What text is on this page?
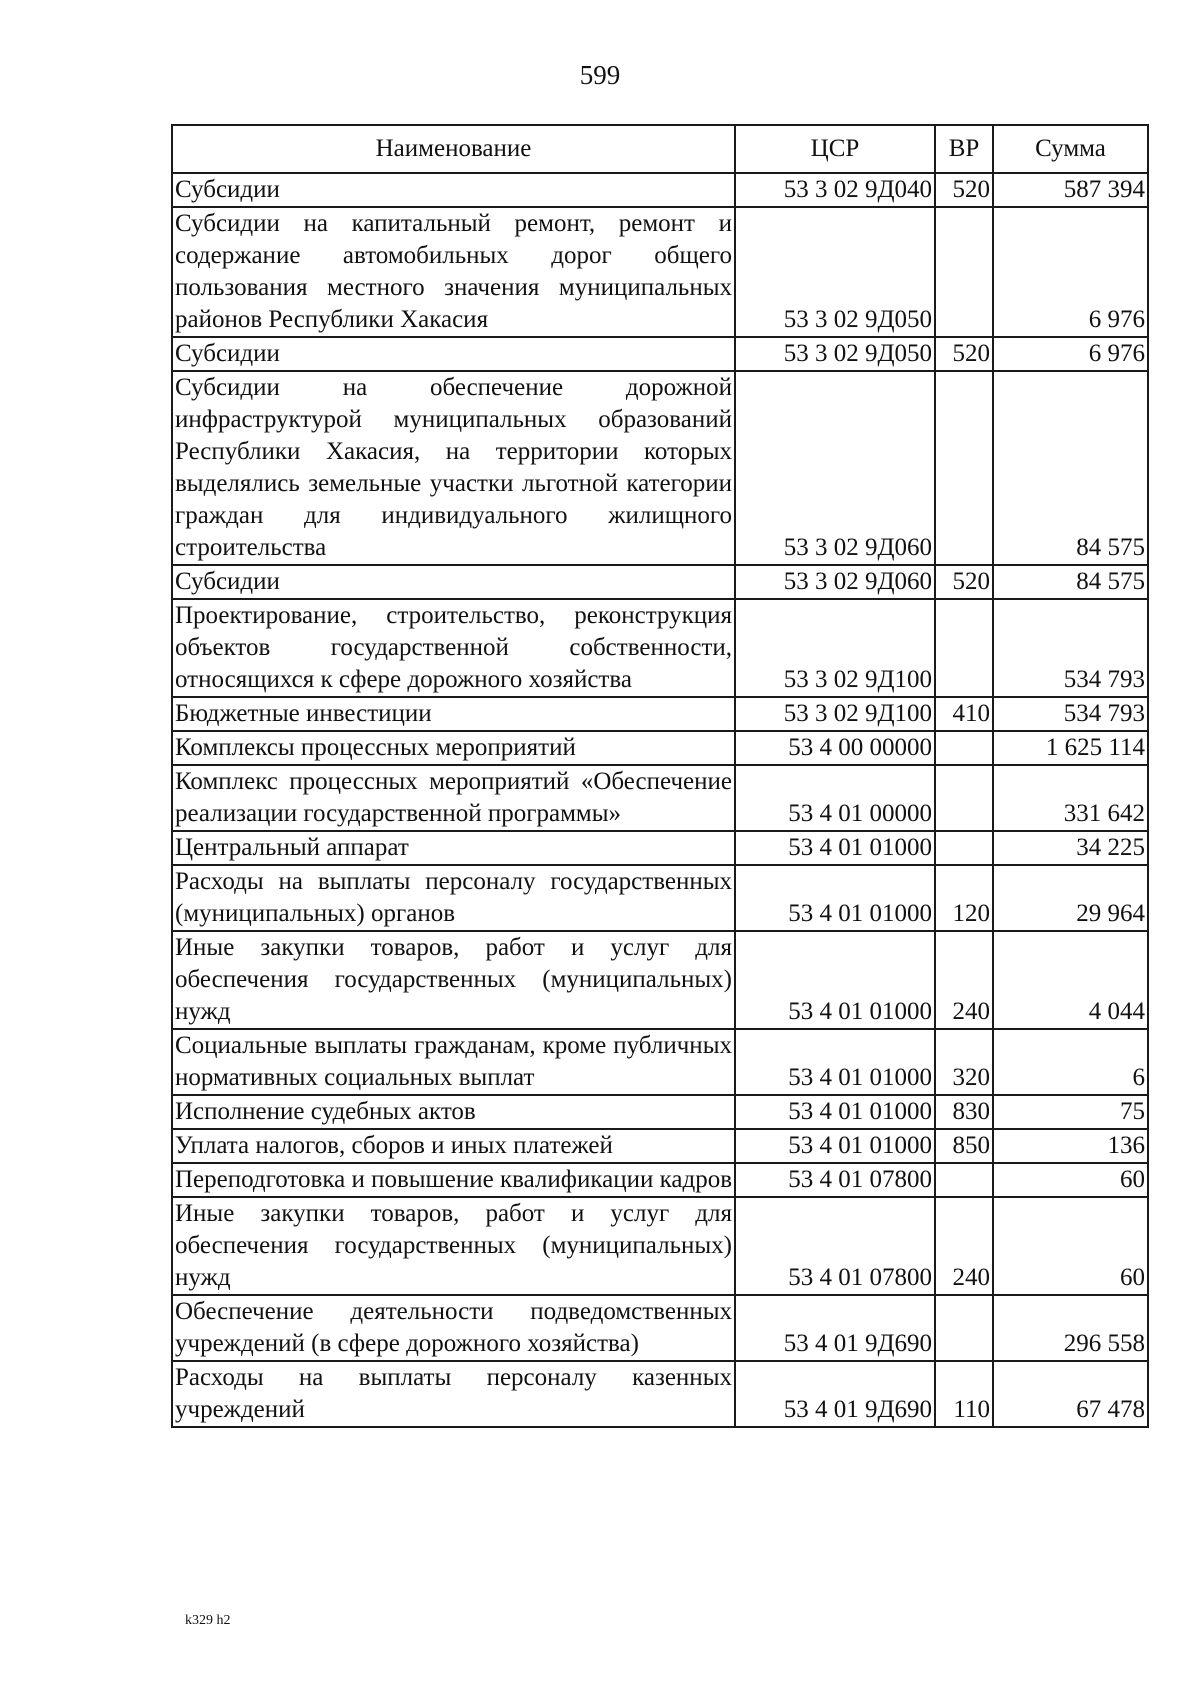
599
Наименование	ЦСР	ВР	Сумма
Субсидии	53 3 02 9Д040	520	587 394
Субсидии на капитальный ремонт, ремонт и содержание автомобильных дорог общего пользования местного значения муниципальных районов Республики Хакасия	53 3 02 9Д050		6 976
Субсидии	53 3 02 9Д050	520	6 976
Субсидии на обеспечение дорожной инфраструктурой муниципальных образований Республики Хакасия, на территории которых выделялись земельные участки льготной категории граждан для индивидуального жилищного строительства	53 3 02 9Д060		84 575
Субсидии	53 3 02 9Д060	520	84 575
Проектирование, строительство, реконструкция объектов государственной собственности, относящихся к сфере дорожного хозяйства	53 3 02 9Д100		534 793
Бюджетные инвестиции	53 3 02 9Д100	410	534 793
Комплексы процессных мероприятий	53 4 00 00000		1 625 114
Комплекс процессных мероприятий «Обеспечение реализации государственной программы»	53 4 01 00000		331 642
Центральный аппарат	53 4 01 01000		34 225
Расходы на выплаты персоналу государственных (муниципальных) органов	53 4 01 01000	120	29 964
Иные закупки товаров, работ и услуг для обеспечения государственных (муниципальных) нужд	53 4 01 01000	240	4 044
Социальные выплаты гражданам, кроме публичных нормативных социальных выплат	53 4 01 01000	320	6
Исполнение судебных актов	53 4 01 01000	830	75
Уплата налогов, сборов и иных платежей	53 4 01 01000	850	136
Переподготовка и повышение квалификации кадров	53 4 01 07800		60
Иные закупки товаров, работ и услуг для обеспечения государственных (муниципальных) нужд	53 4 01 07800	240	60
Обеспечение деятельности подведомственных учреждений (в сфере дорожного хозяйства)	53 4 01 9Д690		296 558
Расходы на выплаты персоналу казенных учреждений	53 4 01 9Д690	110	67 478
k329 h2
